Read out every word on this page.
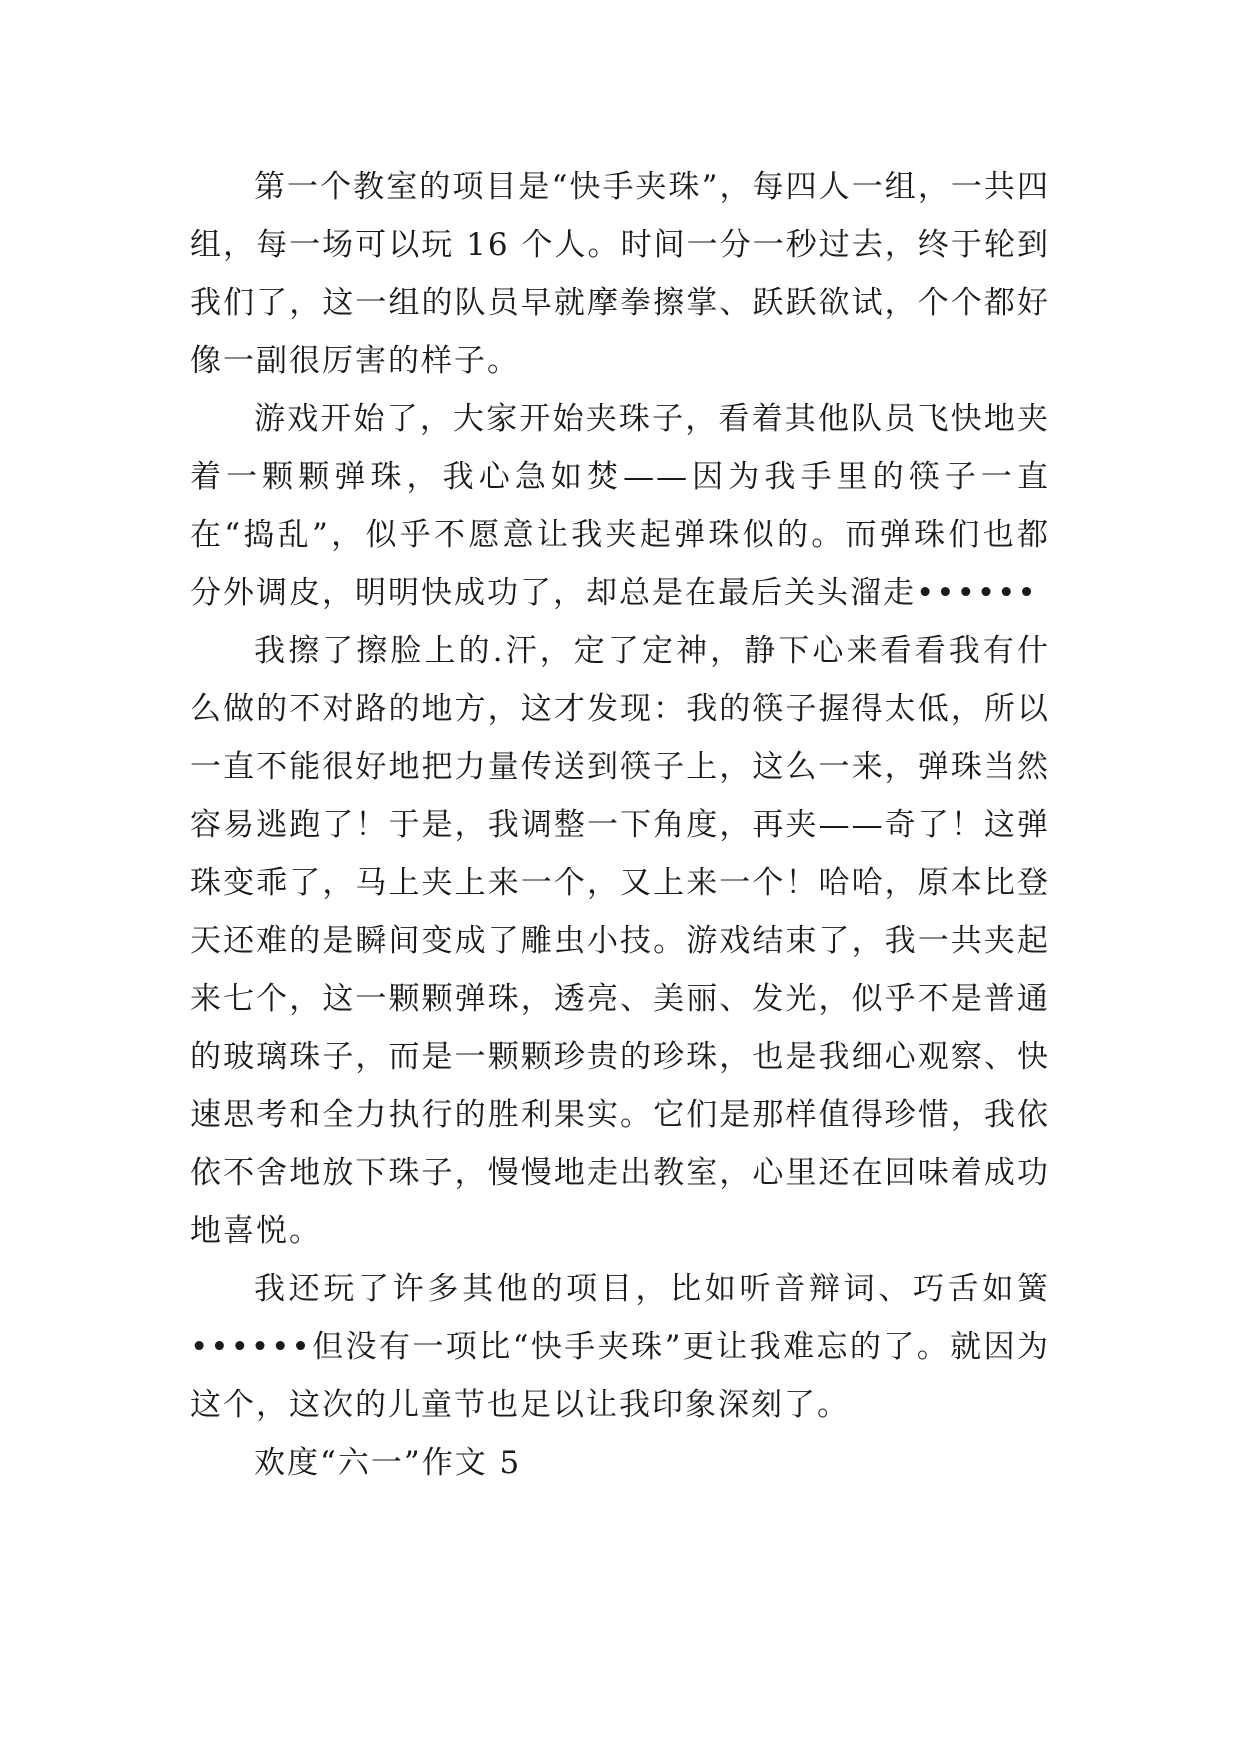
第一个教室的项目是“快手夹珠”，每四人一组，一共四组，每一场可以玩 16 个人。时间一分一秒过去，终于轮到我们了，这一组的队员早就摩拳擦掌、跃跃欲试，个个都好像一副很厉害的样子。

游戏开始了，大家开始夹珠子，看着其他队员飞快地夹着一颗颗弹珠，我心急如焚——因为我手里的筷子一直在“捣乱”，似乎不愿意让我夹起弹珠似的。而弹珠们也都分外调皮，明明快成功了，却总是在最后关头溜走••••••

我擦了擦脸上的.汗，定了定神，静下心来看看我有什么做的不对路的地方，这才发现：我的筷子握得太低，所以一直不能很好地把力量传送到筷子上，这么一来，弹珠当然容易逃跑了！于是，我调整一下角度，再夹——奇了！这弹珠变乖了，马上夹上来一个，又上来一个！哈哈，原本比登天还难的是瞬间变成了雕虫小技。游戏结束了，我一共夹起来七个，这一颗颗弹珠，透亮、美丽、发光，似乎不是普通的玻璃珠子，而是一颗颗珍贵的珍珠，也是我细心观察、快速思考和全力执行的胜利果实。它们是那样值得珍惜，我依依不舍地放下珠子，慢慢地走出教室，心里还在回味着成功地喜悦。

我还玩了许多其他的项目，比如听音辩词、巧舌如簧••••••但没有一项比“快手夹珠”更让我难忘的了。就因为这个，这次的儿童节也足以让我印象深刻了。

欢度“六一”作文 5
